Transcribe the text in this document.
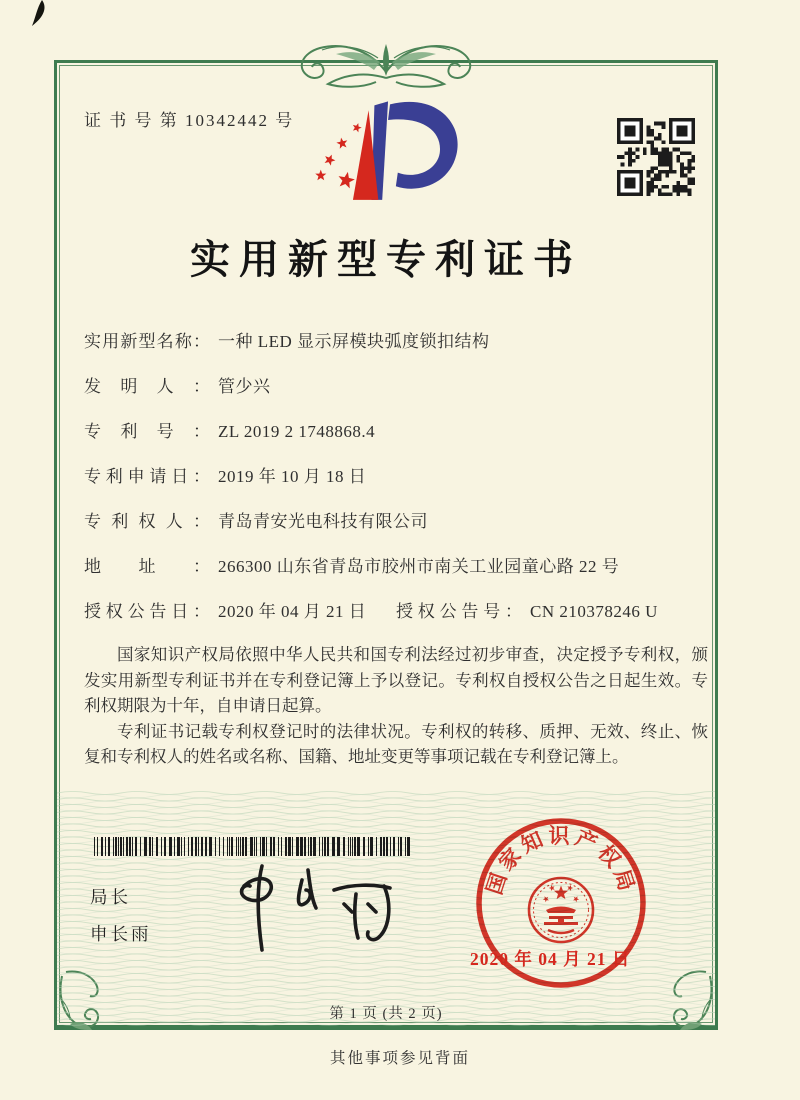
证 书 号 第 10342442 号
实用新型专利证书
实用新型名称： 一种 LED 显示屏模块弧度锁扣结构
发明人： 管少兴
专利号： ZL 2019 2 1748868.4
专利申请日： 2019 年 10 月 18 日
专利权人： 青岛青安光电科技有限公司
地址： 266300 山东省青岛市胶州市南关工业园童心路 22 号
授权公告日： 2020 年 04 月 21 日 授权公告号： CN 210378246 U

国家知识产权局依照中华人民共和国专利法经过初步审查，决定授予专利权，颁发实用新型专利证书并在专利登记簿上予以登记。专利权自授权公告之日起生效。专利权期限为十年，自申请日起算。

专利证书记载专利权登记时的法律状况。专利权的转移、质押、无效、终止、恢复和专利权人的姓名或名称、国籍、地址变更等事项记载在专利登记簿上。

局长
申长雨
国家知识产权局
2020 年 04 月 21 日
第 1 页 (共 2 页)
其他事项参见背面
